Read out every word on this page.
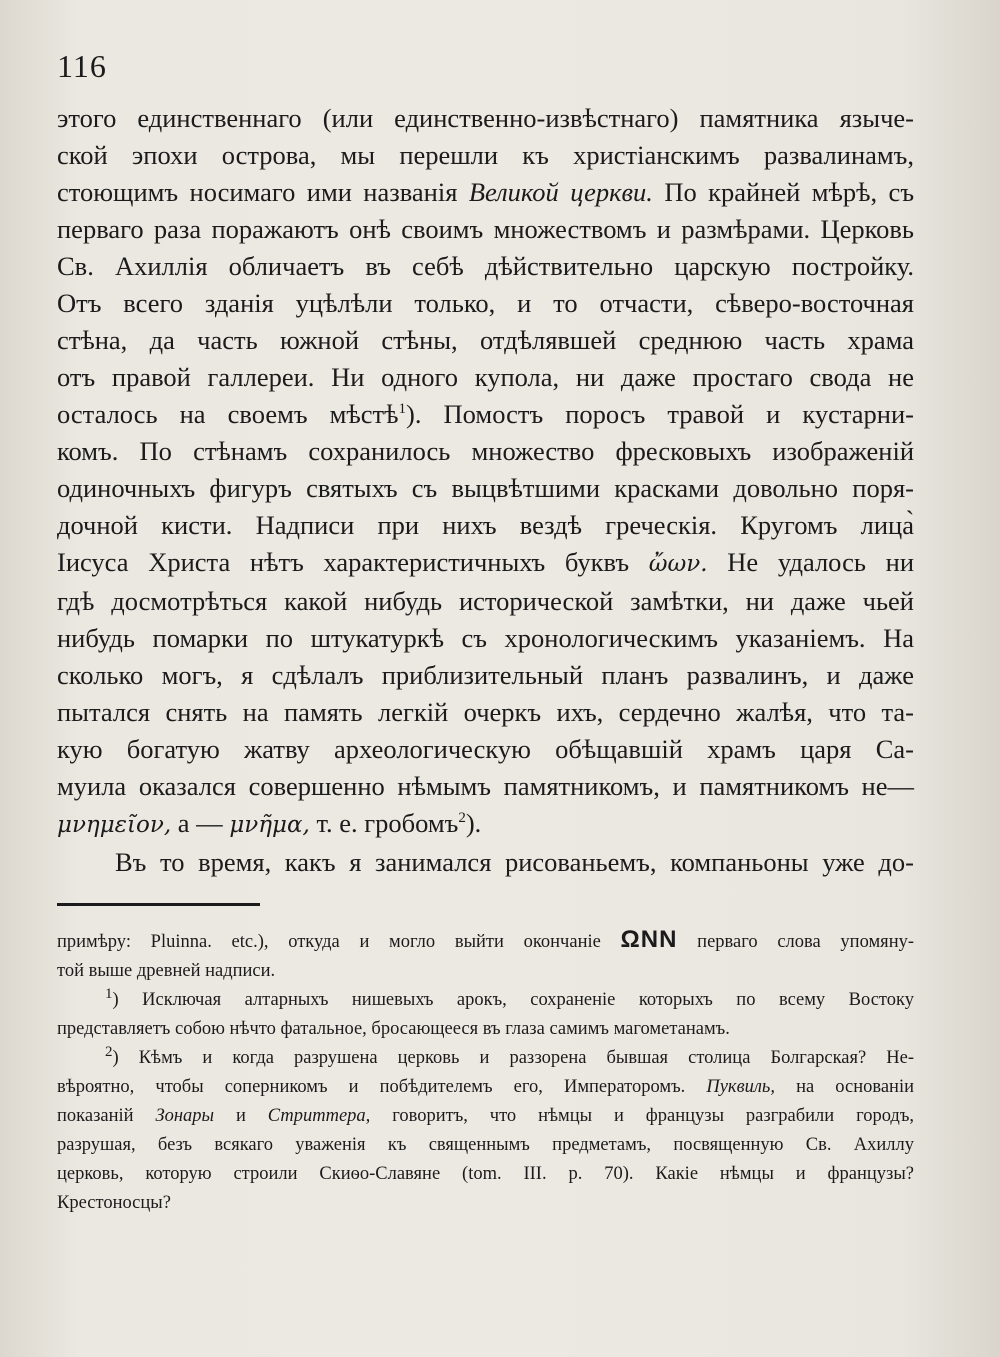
116
этого единственнаго (или единственно-извѣстнаго) памятника языче-
ской эпохи острова, мы перешли къ христіанскимъ развалинамъ,
стоющимъ носимаго ими названія Великой церкви. По крайней мѣрѣ, съ
перваго раза поражаютъ онѣ своимъ множествомъ и размѣрами. Церковь
Св. Ахиллія обличаетъ въ себѣ дѣйствительно царскую постройку.
Отъ всего зданія уцѣлѣли только, и то отчасти, сѣверо-восточная
стѣна, да часть южной стѣны, отдѣлявшей среднюю часть храма
отъ правой галлереи. Ни одного купола, ни даже простаго свода не
осталось на своемъ мѣстѣ$^1$). Помостъ поросъ травой и кустарни-
комъ. По стѣнамъ сохранилось множество фресковыхъ изображеній
одиночныхъ фигуръ святыхъ съ выцвѣтшими красками довольно поря-
дочной кисти. Надписи при нихъ вездѣ греческія. Кругомъ лица̀
Іисуса Христа нѣтъ характеристичныхъ буквъ ὤων. Не удалось ни
гдѣ досмотрѣться какой нибудь исторической замѣтки, ни даже чьей
нибудь помарки по штукатуркѣ съ хронологическимъ указаніемъ. На
сколько могъ, я сдѣлалъ приблизительный планъ развалинъ, и даже
пытался снять на память легкій очеркъ ихъ, сердечно жалѣя, что та-
кую богатую жатву археологическую обѣщавшій храмъ царя Са-
муила оказался совершенно нѣмымъ памятникомъ, и памятникомъ не—
μνημεῖον, а — μνῆμα, т. е. гробомъ$^2$).
Въ то время, какъ я занимался рисованьемъ, компаньоны уже до-
примѣру: Pluinna. etc.), откуда и могло выйти окончаніе ΩΝΝ перваго слова упомяну-
той выше древней надписи.
$^1$) Исключая алтарныхъ нишевыхъ арокъ, сохраненіе которыхъ по всему Востоку
представляетъ собою нѣчто фатальное, бросающееся въ глаза самимъ магометанамъ.
$^2$) Кѣмъ и когда разрушена церковь и раззорена бывшая столица Болгарская? Не-
вѣроятно, чтобы соперникомъ и побѣдителемъ его, Императоромъ. Пуквиль, на основаніи
показаній Зонары и Стриттера, говоритъ, что нѣмцы и французы разграбили городъ,
разрушая, безъ всякаго уваженія къ священнымъ предметамъ, посвященную Св. Ахиллу
церковь, которую строили Скиѳо-Славяне (tom. III. p. 70). Какіе нѣмцы и французы?
Крестоносцы?
